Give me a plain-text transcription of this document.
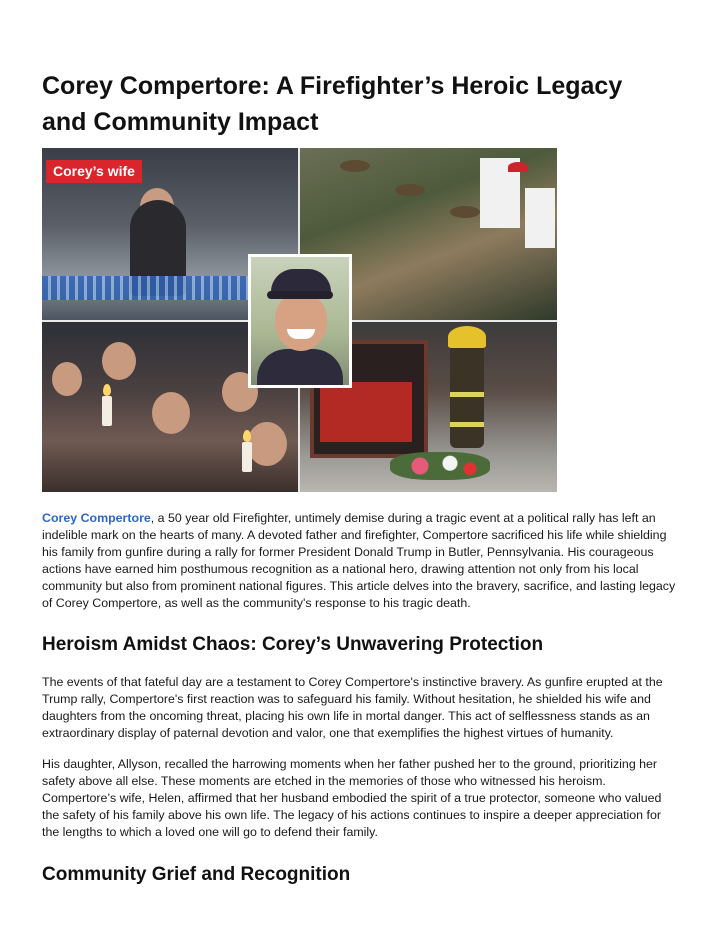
Corey Compertore: A Firefighter’s Heroic Legacy
and Community Impact
Corey’s wife

Corey Compertore, a 50 year old Firefighter, untimely demise during a tragic event at a political rally has left an indelible mark on the hearts of many. A devoted father and firefighter, Compertore sacrificed his life while shielding his family from gunfire during a rally for former President Donald Trump in Butler, Pennsylvania. His courageous actions have earned him posthumous recognition as a national hero, drawing attention not only from his local community but also from prominent national figures. This article delves into the bravery, sacrifice, and lasting legacy of Corey Compertore, as well as the community's response to his tragic death.

Heroism Amidst Chaos: Corey’s Unwavering Protection

The events of that fateful day are a testament to Corey Compertore's instinctive bravery. As gunfire erupted at the Trump rally, Compertore's first reaction was to safeguard his family. Without hesitation, he shielded his wife and daughters from the oncoming threat, placing his own life in mortal danger. This act of selflessness stands as an extraordinary display of paternal devotion and valor, one that exemplifies the highest virtues of humanity.

His daughter, Allyson, recalled the harrowing moments when her father pushed her to the ground, prioritizing her safety above all else. These moments are etched in the memories of those who witnessed his heroism. Compertore’s wife, Helen, affirmed that her husband embodied the spirit of a true protector, someone who valued the safety of his family above his own life. The legacy of his actions continues to inspire a deeper appreciation for the lengths to which a loved one will go to defend their family.

Community Grief and Recognition
